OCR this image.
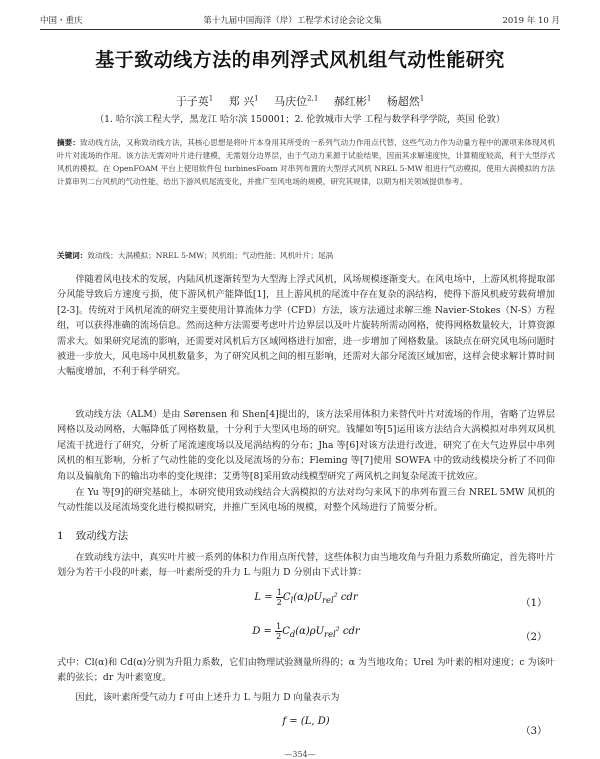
中国・重庆	第十九届中国海洋（岸）工程学术讨论会论文集	2019 年 10 月
基于致动线方法的串列浮式风机组气动性能研究
于子英$^1$ 郑 兴$^1$ 马庆位$^{2,1}$ 郝红彬$^1$ 杨超然$^1$
（1. 哈尔滨工程大学，黑龙江 哈尔滨 150001；2. 伦敦城市大学 工程与数学科学学院，英国 伦敦）
摘要：致动线方法，又称致动线方法，其核心思想是将叶片本身用其所受的一系列气动力作用点代替，这些气动力作为动量方程中的源项来体现风机叶片对流场的作用。该方法无需对叶片进行建模，无需划分边界层，由于气动力来源于试验结果，因而其求解速度快，计算精度较高，利于大型浮式风机的模拟。在 OpenFOAM 平台上使用软件包 turbinesFoam 对串列布置的大型浮式风机 NREL 5-MW 组进行气动模拟，使用大涡模拟的方法计算串列二台风机的气动性能，给出下游风机尾流变化，并推广至风电场的规模，研究其规律，以期为相关领域提供参考。
关键词：致动线；大涡模拟；NREL 5-MW；风机组；气动性能；风机叶片；尾涡

伴随着风电技术的发展，内陆风机逐渐转型为大型海上浮式风机，风场规模逐渐变大。在风电场中，上游风机将提取部分风能导致后方速度亏损，使下游风机产能降低[1]，且上游风机的尾流中存在复杂的涡结构，使得下游风机疲劳载荷增加[2-3]。传统对于风机尾流的研究主要使用计算流体力学（CFD）方法，该方法通过求解三维 Navier-Stokes（N-S）方程组，可以获得准确的流场信息。然而这种方法需要考虑叶片边界层以及叶片旋转所需动网格，使得网格数量较大，计算资源需求大。如果研究尾流的影响，还需要对风机后方区域网格进行加密，进一步增加了网格数量。该缺点在研究风电场问题时被进一步放大，风电场中风机数量多，为了研究风机之间的相互影响，还需对大部分尾流区域加密，这样会使求解计算时间大幅度增加，不利于科学研究。

致动线方法（ALM）是由 Sørensen 和 Shen[4]提出的，该方法采用体积力来替代叶片对流场的作用，省略了边界层网格以及动网格，大幅降低了网格数量，十分利于大型风电场的研究。钱耀如等[5]运用该方法结合大涡模拟对串列双风机尾流干扰进行了研究，分析了尾流速度场以及尾涡结构的分布；Jha 等[6]对该方法进行改进，研究了在大气边界层中串列风机的相互影响，分析了气动性能的变化以及尾流场的分布；Fleming 等[7]使用 SOWFA 中的致动线模块分析了不同仰角以及偏航角下的输出功率的变化规律；艾勇等[8]采用致动线模型研究了两风机之间复杂尾流干扰效应。

在 Yu 等[9]的研究基础上，本研究使用致动线结合大涡模拟的方法对均匀来风下的串列布置三台 NREL 5MW 风机的气动性能以及尾流场变化进行模拟研究，并推广至风电场的规模，对整个风场进行了简要分析。

1 致动线方法

在致动线方法中，真实叶片被一系列的体积力作用点所代替，这些体积力由当地攻角与升阻力系数所确定，首先将叶片划分为若干小段的叶素，每一叶素所受的升力 L 与阻力 D 分别由下式计算：

$L = \frac{1}{2} C_l(\alpha)\rho U_{rel}^2$ cdr
（1）
$D = \frac{1}{2} C_d(\alpha)\rho U_{rel}^2$ cdr
（2）

式中：Cl(α)和 Cd(α)分别为升阻力系数，它们由物理试验测量所得的；α 为当地攻角；Urel 为叶素的相对速度；c 为该叶素的弦长；dr 为叶素宽度。

因此，该叶素所受气动力 f 可由上述升力 L 与阻力 D 向量表示为

f = (L, D)
（3）
—354—
